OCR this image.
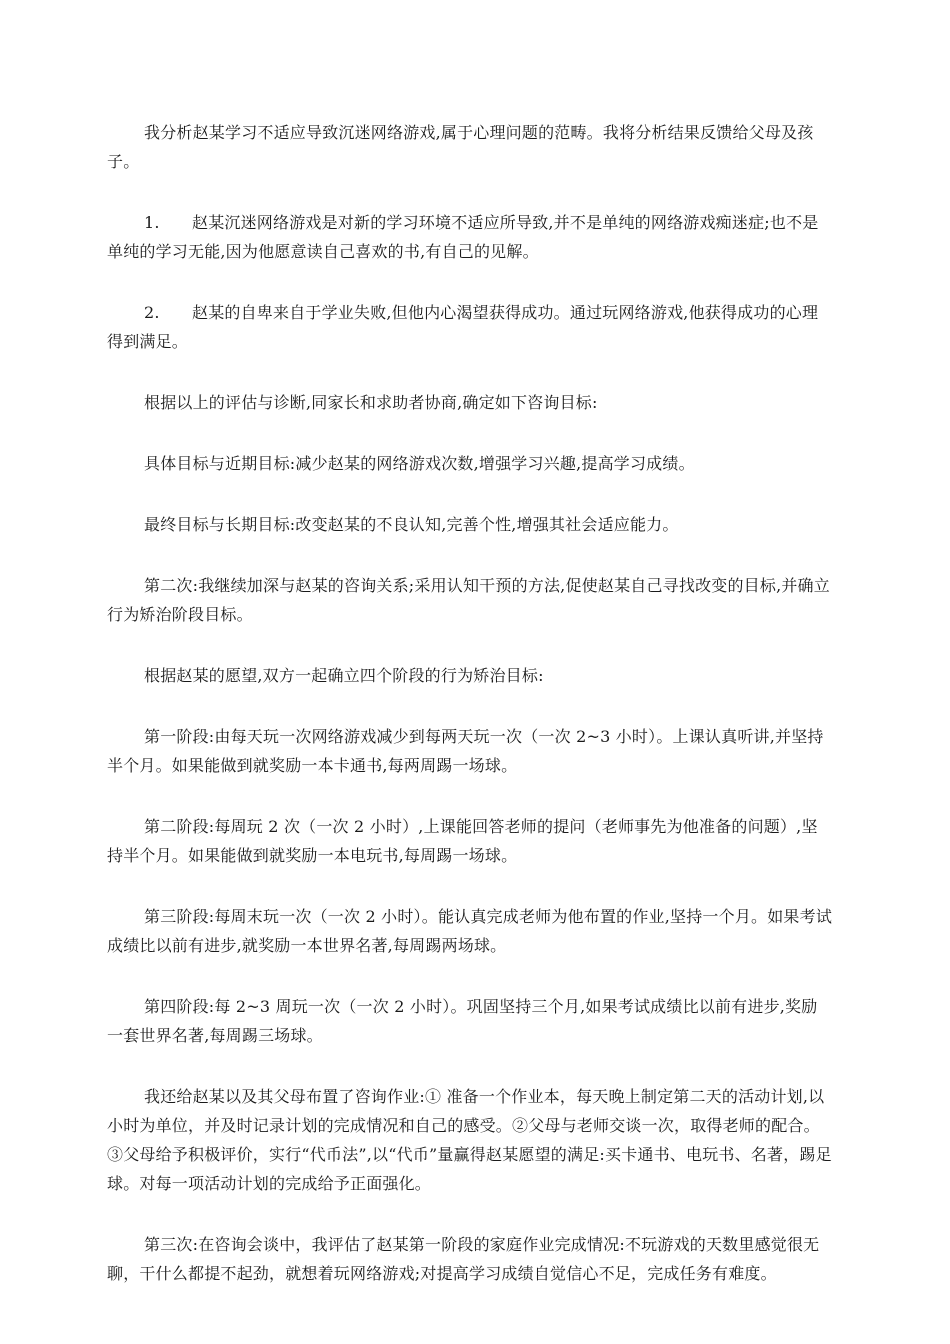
我分析赵某学习不适应导致沉迷网络游戏,属于心理问题的范畴。我将分析结果反馈给父母及孩子。

1. 赵某沉迷网络游戏是对新的学习环境不适应所导致,并不是单纯的网络游戏痴迷症;也不是单纯的学习无能,因为他愿意读自己喜欢的书,有自己的见解。

2. 赵某的自卑来自于学业失败,但他内心渴望获得成功。通过玩网络游戏,他获得成功的心理得到满足。

根据以上的评估与诊断,同家长和求助者协商,确定如下咨询目标:

具体目标与近期目标:减少赵某的网络游戏次数,增强学习兴趣,提高学习成绩。

最终目标与长期目标:改变赵某的不良认知,完善个性,增强其社会适应能力。

第二次:我继续加深与赵某的咨询关系;采用认知干预的方法,促使赵某自己寻找改变的目标,并确立行为矫治阶段目标。

根据赵某的愿望,双方一起确立四个阶段的行为矫治目标:

第一阶段:由每天玩一次网络游戏减少到每两天玩一次（一次 2~3 小时）。上课认真听讲,并坚持半个月。如果能做到就奖励一本卡通书,每两周踢一场球。

第二阶段:每周玩 2 次（一次 2 小时）,上课能回答老师的提问（老师事先为他准备的问题）,坚持半个月。如果能做到就奖励一本电玩书,每周踢一场球。

第三阶段:每周末玩一次（一次 2 小时）。能认真完成老师为他布置的作业,坚持一个月。如果考试成绩比以前有进步,就奖励一本世界名著,每周踢两场球。

第四阶段:每 2~3 周玩一次（一次 2 小时）。巩固坚持三个月,如果考试成绩比以前有进步,奖励一套世界名著,每周踢三场球。

我还给赵某以及其父母布置了咨询作业:① 准备一个作业本，每天晚上制定第二天的活动计划,以小时为单位，并及时记录计划的完成情况和自己的感受。②父母与老师交谈一次，取得老师的配合。③父母给予积极评价，实行“代币法”,以“代币”量赢得赵某愿望的满足:买卡通书、电玩书、名著，踢足球。对每一项活动计划的完成给予正面强化。

第三次:在咨询会谈中，我评估了赵某第一阶段的家庭作业完成情况:不玩游戏的天数里感觉很无聊，干什么都提不起劲，就想着玩网络游戏;对提高学习成绩自觉信心不足，完成任务有难度。
